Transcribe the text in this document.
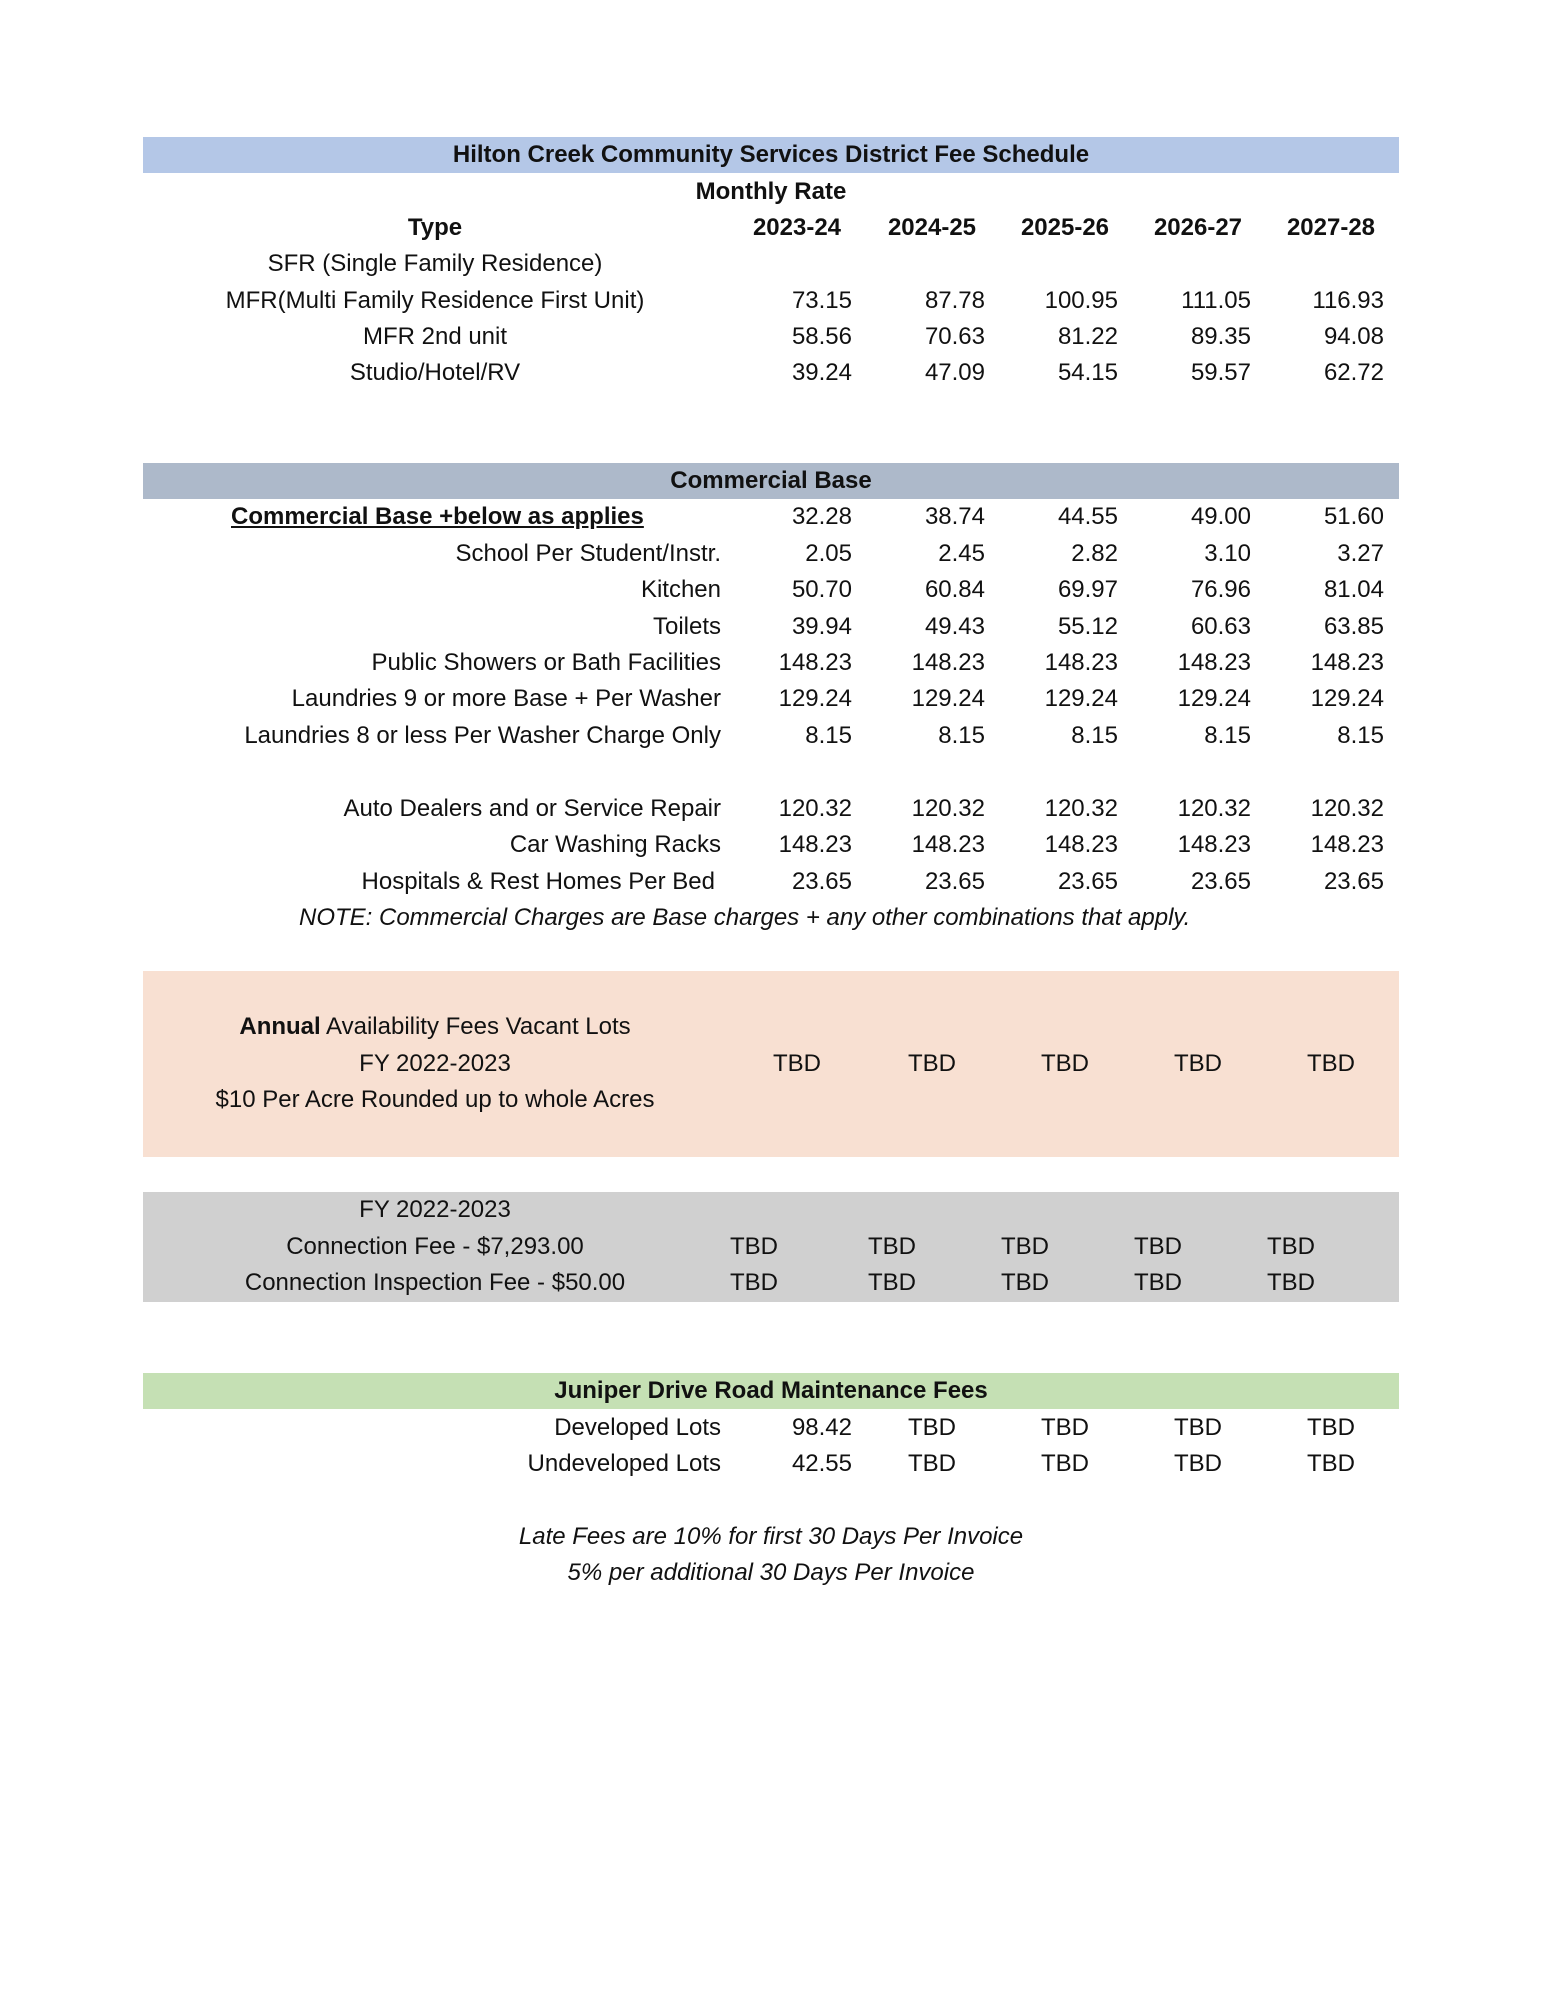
Hilton Creek Community Services District Fee Schedule
Monthly Rate
Type	2023-24	2024-25	2025-26	2026-27	2027-28
SFR (Single Family Residence)
MFR(Multi Family Residence First Unit)	73.15	87.78	100.95	111.05	116.93
MFR 2nd unit	58.56	70.63	81.22	89.35	94.08
Studio/Hotel/RV	39.24	47.09	54.15	59.57	62.72
Commercial Base
Commercial Base +below as applies	32.28	38.74	44.55	49.00	51.60
School Per Student/Instr.	2.05	2.45	2.82	3.10	3.27
Kitchen	50.70	60.84	69.97	76.96	81.04
Toilets	39.94	49.43	55.12	60.63	63.85
Public Showers or Bath Facilities	148.23	148.23	148.23	148.23	148.23
Laundries 9 or more Base + Per Washer	129.24	129.24	129.24	129.24	129.24
Laundries 8 or less Per Washer Charge Only	8.15	8.15	8.15	8.15	8.15
Auto Dealers and or Service Repair	120.32	120.32	120.32	120.32	120.32
Car Washing Racks	148.23	148.23	148.23	148.23	148.23
Hospitals & Rest Homes Per Bed	23.65	23.65	23.65	23.65	23.65
NOTE: Commercial Charges are Base charges + any other combinations that apply.
Annual Availability Fees Vacant Lots
FY 2022-2023	TBD	TBD	TBD	TBD	TBD
$10 Per Acre Rounded up to whole Acres
FY 2022-2023
Connection Fee - $7,293.00	TBD	TBD	TBD	TBD	TBD
Connection Inspection Fee - $50.00	TBD	TBD	TBD	TBD	TBD
Juniper Drive Road Maintenance Fees
Developed Lots	98.42	TBD	TBD	TBD	TBD
Undeveloped Lots	42.55	TBD	TBD	TBD	TBD
Late Fees are 10% for first 30 Days Per Invoice
5% per additional 30 Days Per Invoice
